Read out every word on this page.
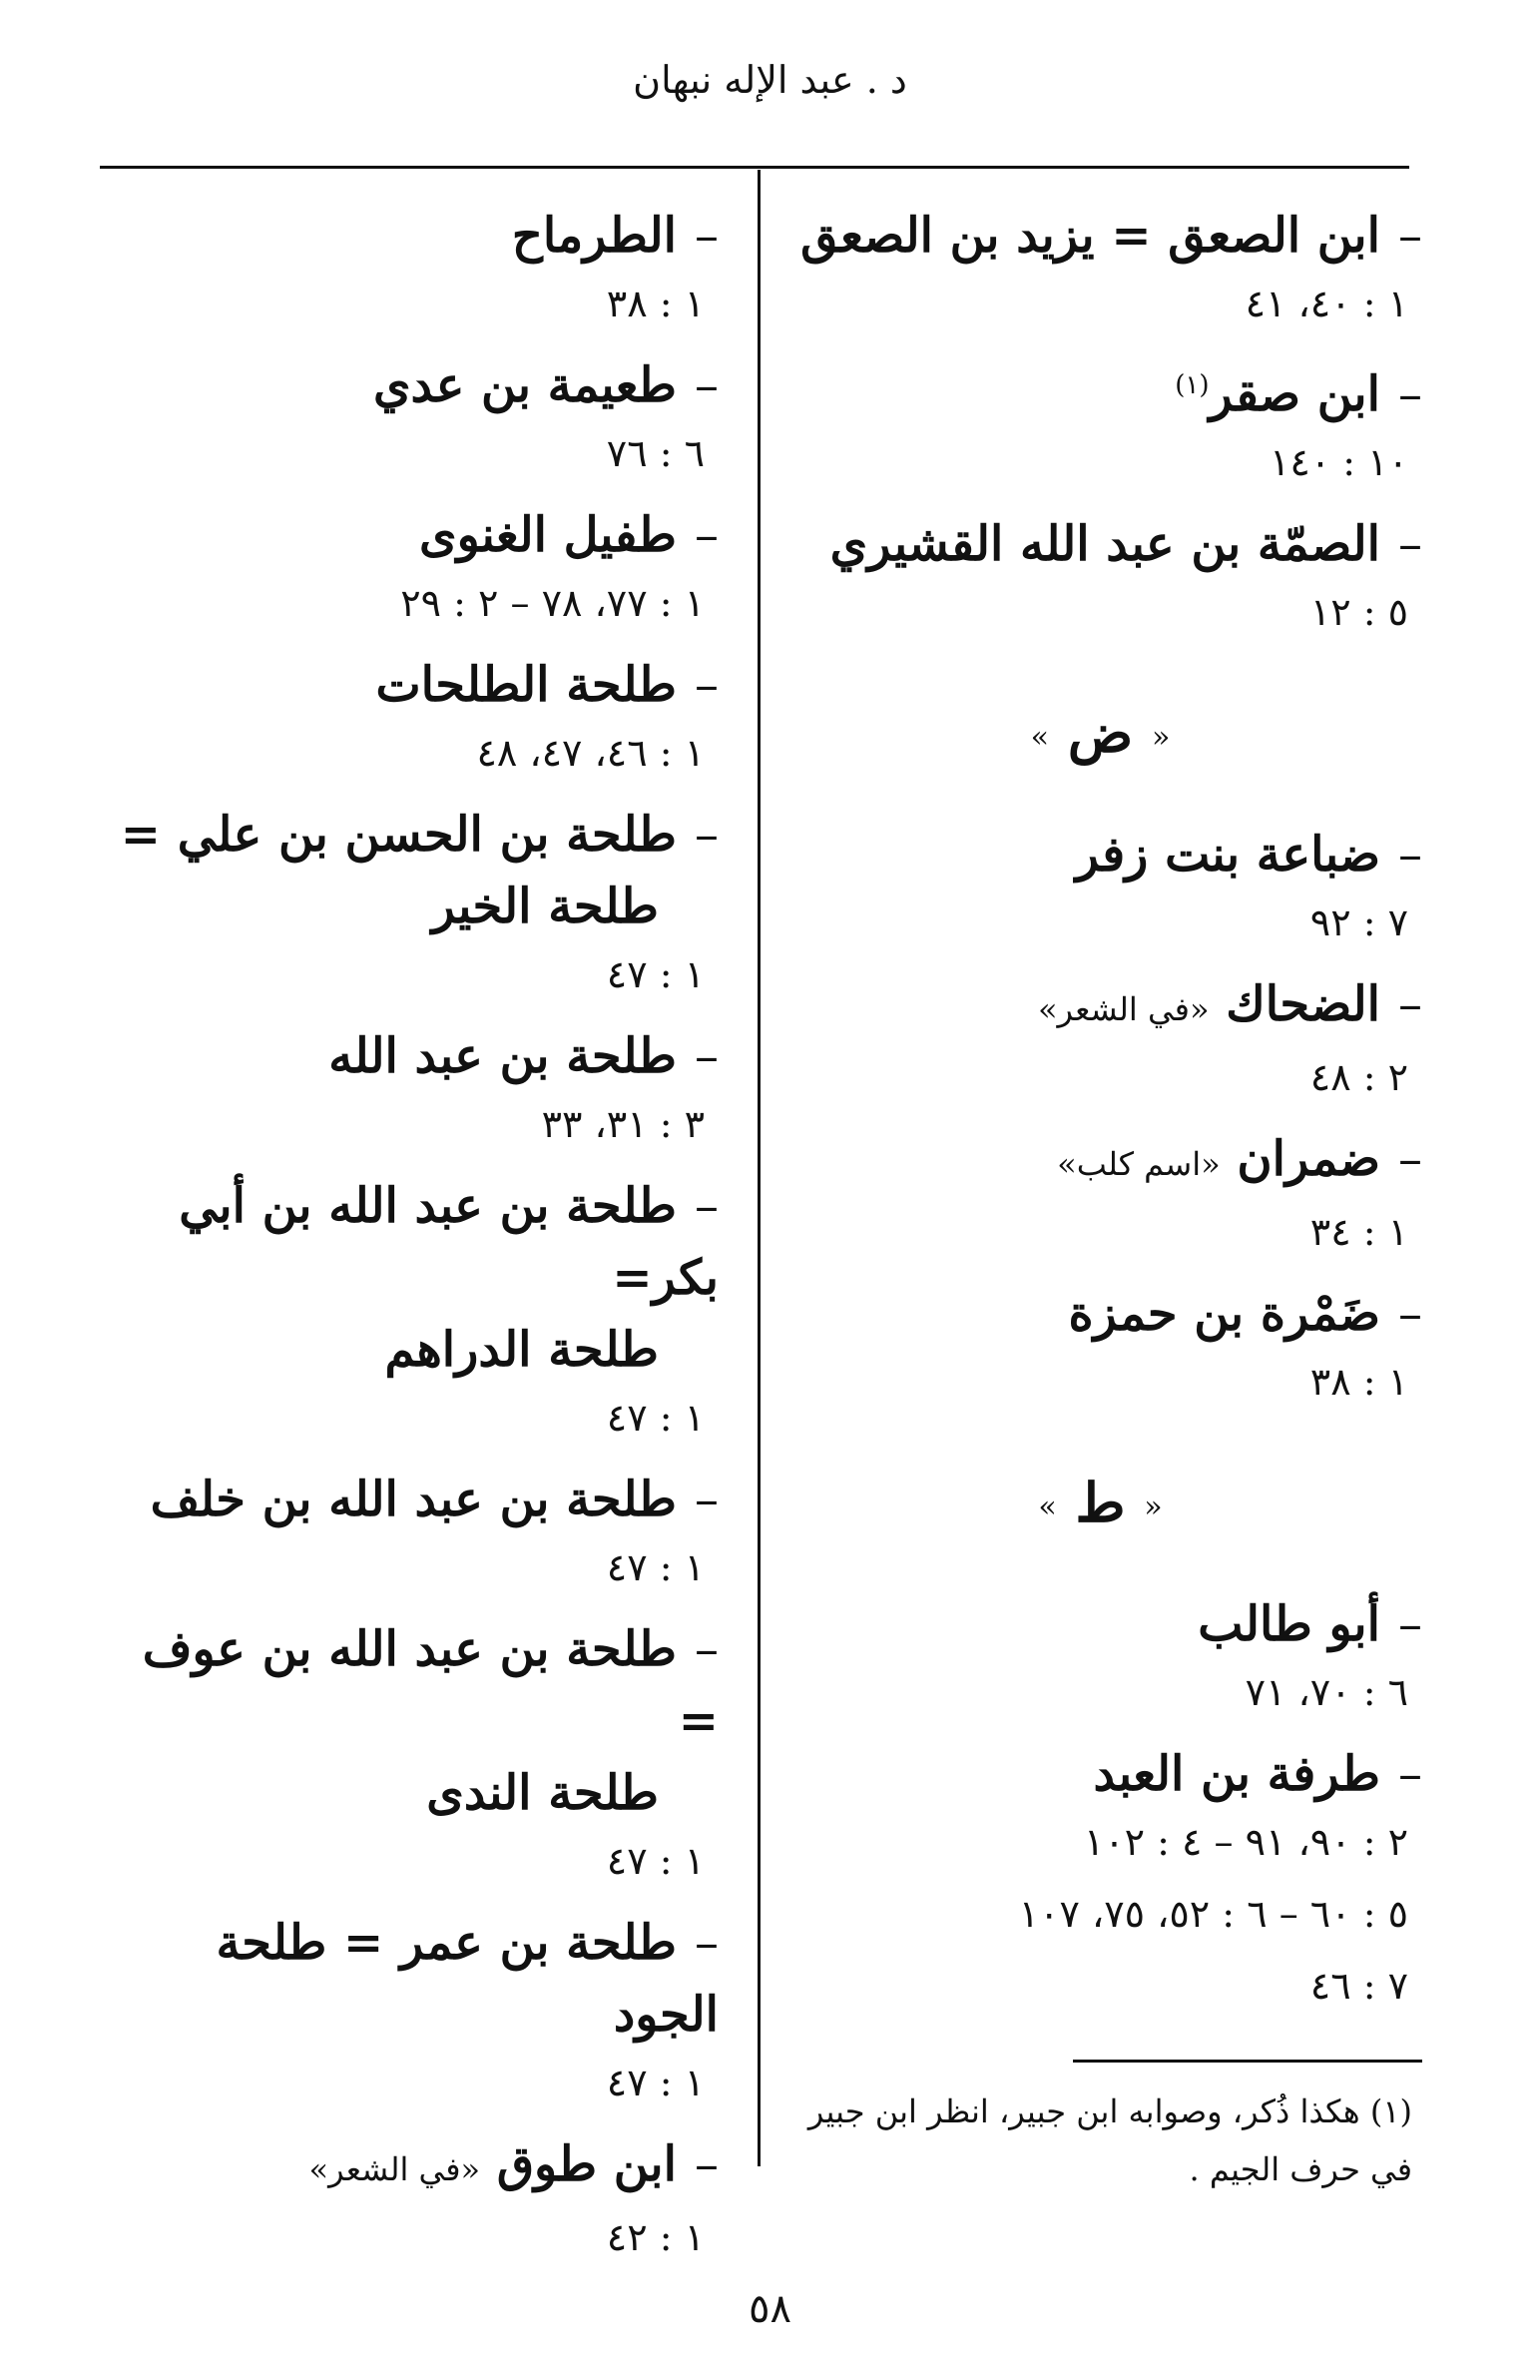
د . عبد الإله نبهان

–ابن الصعق = يزيد بن الصعق

١ : ٤٠، ٤١

–ابن صقر$^{(١)}$

١٠ : ١٤٠

–الصمّة بن عبد الله القشيري

٥ : ١٢

« ض »

–ضباعة بنت زفر

٧ : ٩٢

–الضحاك «في الشعر»

٢ : ٤٨

–ضمران «اسم كلب»

١ : ٣٤

–ضَمْرة بن حمزة

١ : ٣٨

« ط »

–أبو طالب

٦ : ٧٠، ٧١

–طرفة بن العبد

٢ : ٩٠، ٩١ – ٤ : ١٠٢

٥ : ٦٠ – ٦ : ٥٢، ٧٥، ١٠٧

٧ : ٤٦

(١) هكذا ذُكر، وصوابه ابن جبير، انظر ابن جبير
في حرف الجيم .

–الطرماح

١ : ٣٨

–طعيمة بن عدي

٦ : ٧٦

–طفيل الغنوى

١ : ٧٧، ٧٨ – ٢ : ٢٩

–طلحة الطلحات

١ : ٤٦، ٤٧، ٤٨

–طلحة بن الحسن بن علي =

طلحة الخير

١ : ٤٧

–طلحة بن عبد الله

٣ : ٣١، ٣٣

–طلحة بن عبد الله بن أبي بكر=

طلحة الدراهم

١ : ٤٧

–طلحة بن عبد الله بن خلف

١ : ٤٧

–طلحة بن عبد الله بن عوف =

طلحة الندى

١ : ٤٧

–طلحة بن عمر = طلحة الجود

١ : ٤٧

–ابن طوق «في الشعر»

١ : ٤٢

٥٨
